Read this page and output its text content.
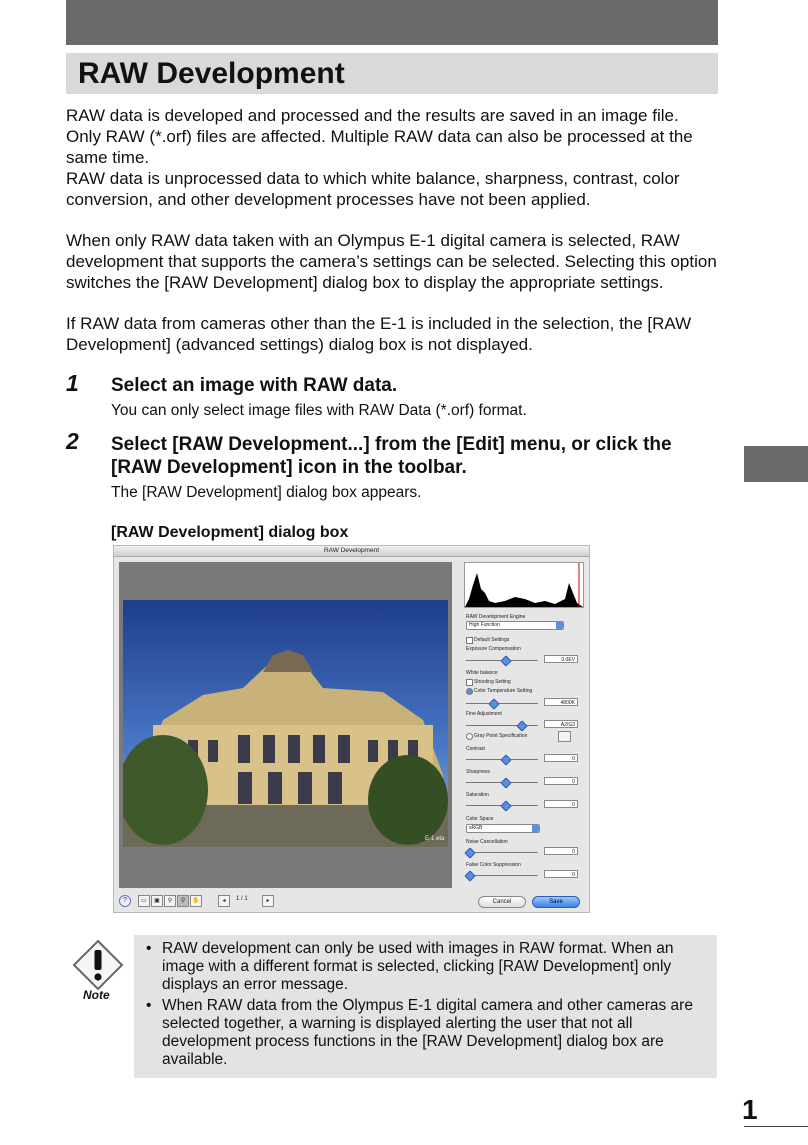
RAW Development

RAW data is developed and processed and the results are saved in an image file.

Only RAW (*.orf) files are affected. Multiple RAW data can also be processed at the same time.

RAW data is unprocessed data to which white balance, sharpness, contrast, color conversion, and other development processes have not been applied.

When only RAW data taken with an Olympus E-1 digital camera is selected, RAW development that supports the camera’s settings can be selected. Selecting this option switches the [RAW Development] dialog box to display the appropriate settings.

If RAW data from cameras other than the E-1 is included in the selection, the [RAW Development] (advanced settings) dialog box is not displayed.

1 Select an image with RAW data.

You can only select image files with RAW Data (*.orf) format.

2 Select [RAW Development...] from the [Edit] menu, or click the [RAW Development] icon in the toolbar.

The [RAW Development] dialog box appears.

[RAW Development] dialog box
RAW Development
E-1 eta
RAW Development Engine
High Function
Default Settings
Exposure Compensation
0.0EV
White balance
Shooting Setting
Color Temperature Setting
4800K
Fine Adjustment
A2/G3
Gray Point Specification
Contrast
0
Sharpness
0
Saturation
0
Color Space
sRGB
Noise Cancellation
0
False Color Suppression
0
?	▭	▣	⚲	⚲	✋	◂	1 / 1	▸	Cancel	Save
Note
• RAW development can only be used with images in RAW format. When an image with a different format is selected, clicking [RAW Development] only displays an error message.
• When RAW data from the Olympus E-1 digital camera and other cameras are selected together, a warning is displayed alerting the user that not all development process functions in the [RAW Development] dialog box are available.
1
